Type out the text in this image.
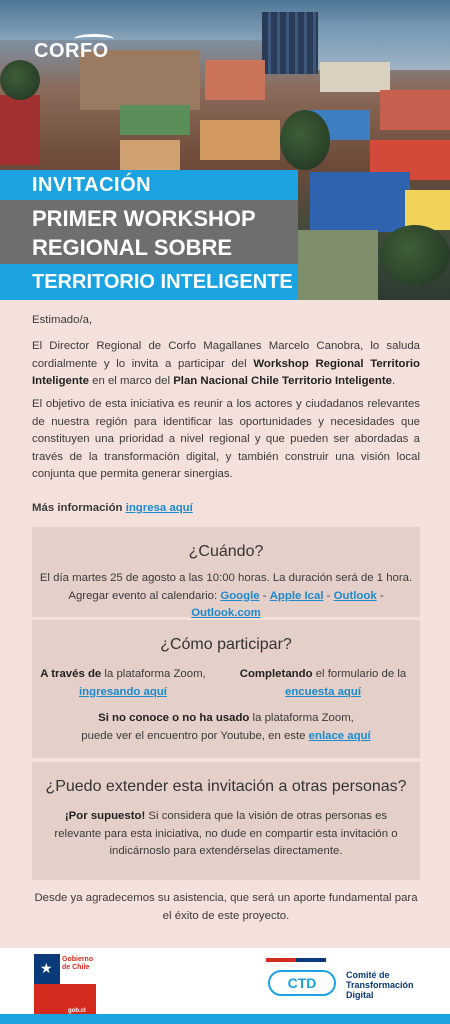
CORFO
INVITACIÓN
PRIMER WORKSHOP
REGIONAL SOBRE
TERRITORIO INTELIGENTE
Estimado/a,
El Director Regional de Corfo Magallanes Marcelo Canobra, lo saluda cordialmente y lo invita a participar del Workshop Regional Territorio Inteligente en el marco del Plan Nacional Chile Territorio Inteligente.
El objetivo de esta iniciativa es reunir a los actores y ciudadanos relevantes de nuestra región para identificar las oportunidades y necesidades que constituyen una prioridad a nivel regional y que pueden ser abordadas a través de la transformación digital, y también construir una visión local conjunta que permita generar sinergias.
Más información ingresa aquí
¿Cuándo?
El día martes 25 de agosto a las 10:00 horas. La duración será de 1 hora.
Agregar evento al calendario: Google - Apple Ical - Outlook - Outlook.com
¿Cómo participar?
A través de la plataforma Zoom,
ingresando aquí
Completando el formulario de la
encuesta aquí
Si no conoce o no ha usado la plataforma Zoom,
puede ver el encuentro por Youtube, en este enlace aquí
¿Puedo extender esta invitación a otras personas?
¡Por supuesto! Si considera que la visión de otras personas es relevante para esta iniciativa, no dude en compartir esta invitación o indicárnoslo para extendérselas directamente.
Desde ya agradecemos su asistencia, que será un aporte fundamental para el éxito de este proyecto.
★
Gobierno
de Chile
gob.cl
CTD	Comité de
Transformación
Digital
